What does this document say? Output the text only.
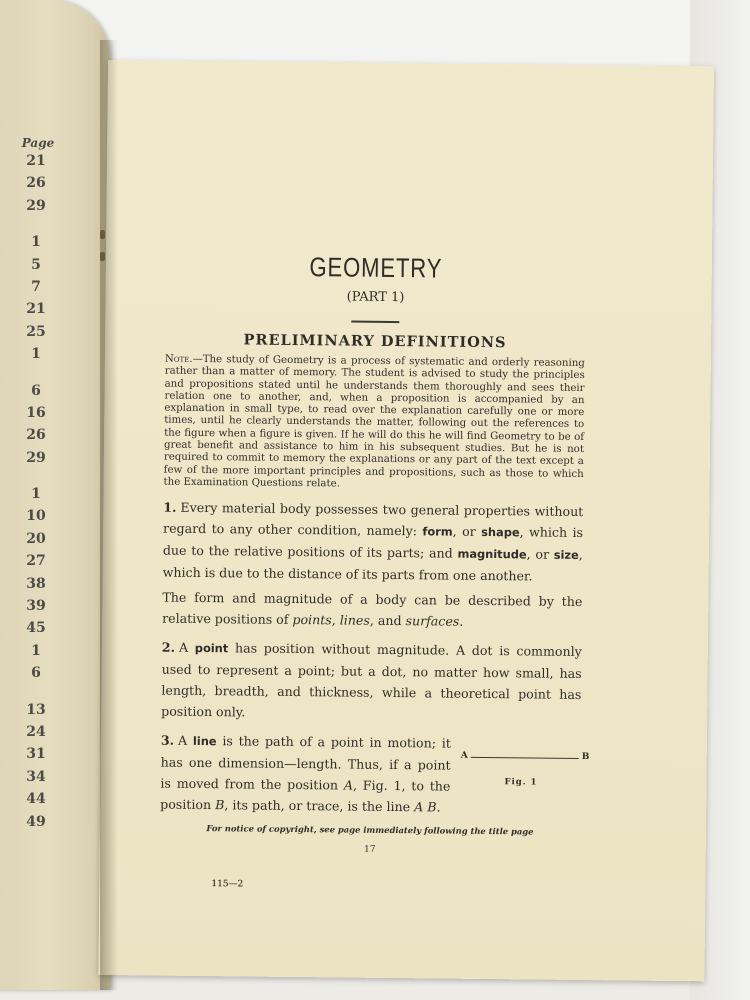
Page
21
26
29
1
5
7
21
25
1
6
16
26
29
1
10
20
27
38
39
45
1
6
13
24
31
34
44
49
GEOMETRY
(PART 1)
PRELIMINARY DEFINITIONS
Note.—The study of Geometry is a process of systematic and orderly reasoning rather than a matter of memory. The student is advised to study the principles and propositions stated until he understands them thoroughly and sees their relation one to another, and, when a proposition is accompanied by an explanation in small type, to read over the explanation carefully one or more times, until he clearly understands the matter, following out the references to the figure when a figure is given. If he will do this he will find Geometry to be of great benefit and assistance to him in his subsequent studies. But he is not required to commit to memory the explanations or any part of the text except a few of the more important principles and propositions, such as those to which the Examination Questions relate.
1. Every material body possesses two general properties without regard to any other condition, namely: form, or shape, which is due to the relative positions of its parts; and magnitude, or size, which is due to the distance of its parts from one another.
The form and magnitude of a body can be described by the relative positions of points, lines, and surfaces.
2. A point has position without magnitude. A dot is commonly used to represent a point; but a dot, no matter how small, has length, breadth, and thickness, while a theoretical point has position only.
3. A line is the path of a point in motion; it has one dimension—length. Thus, if a point is moved from the position A, Fig. 1, to the position B, its path, or trace, is the line A B.
A	B
Fig. 1
For notice of copyright, see page immediately following the title page
17
115—2
